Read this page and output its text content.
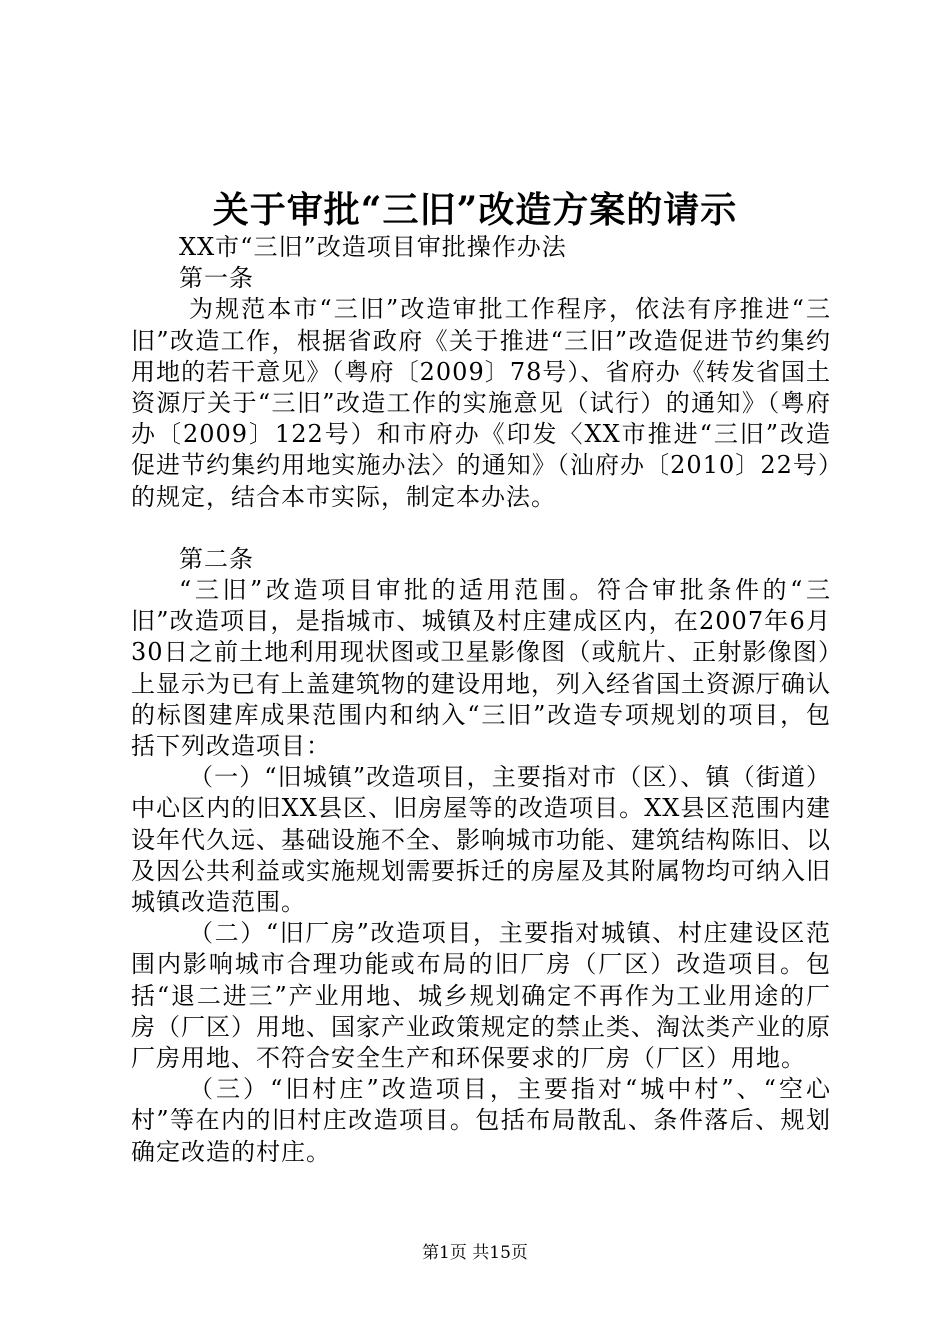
关于审批“三旧”改造方案的请示

XX市“三旧”改造项目审批操作办法

第一条

为规范本市“三旧”改造审批工作程序，依法有序推进“三旧”改造工作，根据省政府《关于推进“三旧”改造促进节约集约用地的若干意见》（粤府〔2009〕78号）、省府办《转发省国土资源厅关于“三旧”改造工作的实施意见（试行）的通知》（粤府办〔2009〕122号）和市府办《印发〈XX市推进“三旧”改造促进节约集约用地实施办法〉的通知》（汕府办〔2010〕22号）的规定，结合本市实际，制定本办法。

第二条

“三旧”改造项目审批的适用范围。符合审批条件的“三旧”改造项目，是指城市、城镇及村庄建成区内，在2007年6月30日之前土地利用现状图或卫星影像图（或航片、正射影像图）上显示为已有上盖建筑物的建设用地，列入经省国土资源厅确认的标图建库成果范围内和纳入“三旧”改造专项规划的项目，包括下列改造项目：

（一）“旧城镇”改造项目，主要指对市（区）、镇（街道）中心区内的旧XX县区、旧房屋等的改造项目。XX县区范围内建设年代久远、基础设施不全、影响城市功能、建筑结构陈旧、以及因公共利益或实施规划需要拆迁的房屋及其附属物均可纳入旧城镇改造范围。

（二）“旧厂房”改造项目，主要指对城镇、村庄建设区范围内影响城市合理功能或布局的旧厂房（厂区）改造项目。包括“退二进三”产业用地、城乡规划确定不再作为工业用途的厂房（厂区）用地、国家产业政策规定的禁止类、淘汰类产业的原厂房用地、不符合安全生产和环保要求的厂房（厂区）用地。

（三）“旧村庄”改造项目，主要指对“城中村”、“空心村”等在内的旧村庄改造项目。包括布局散乱、条件落后、规划确定改造的村庄。

第1页 共15页
